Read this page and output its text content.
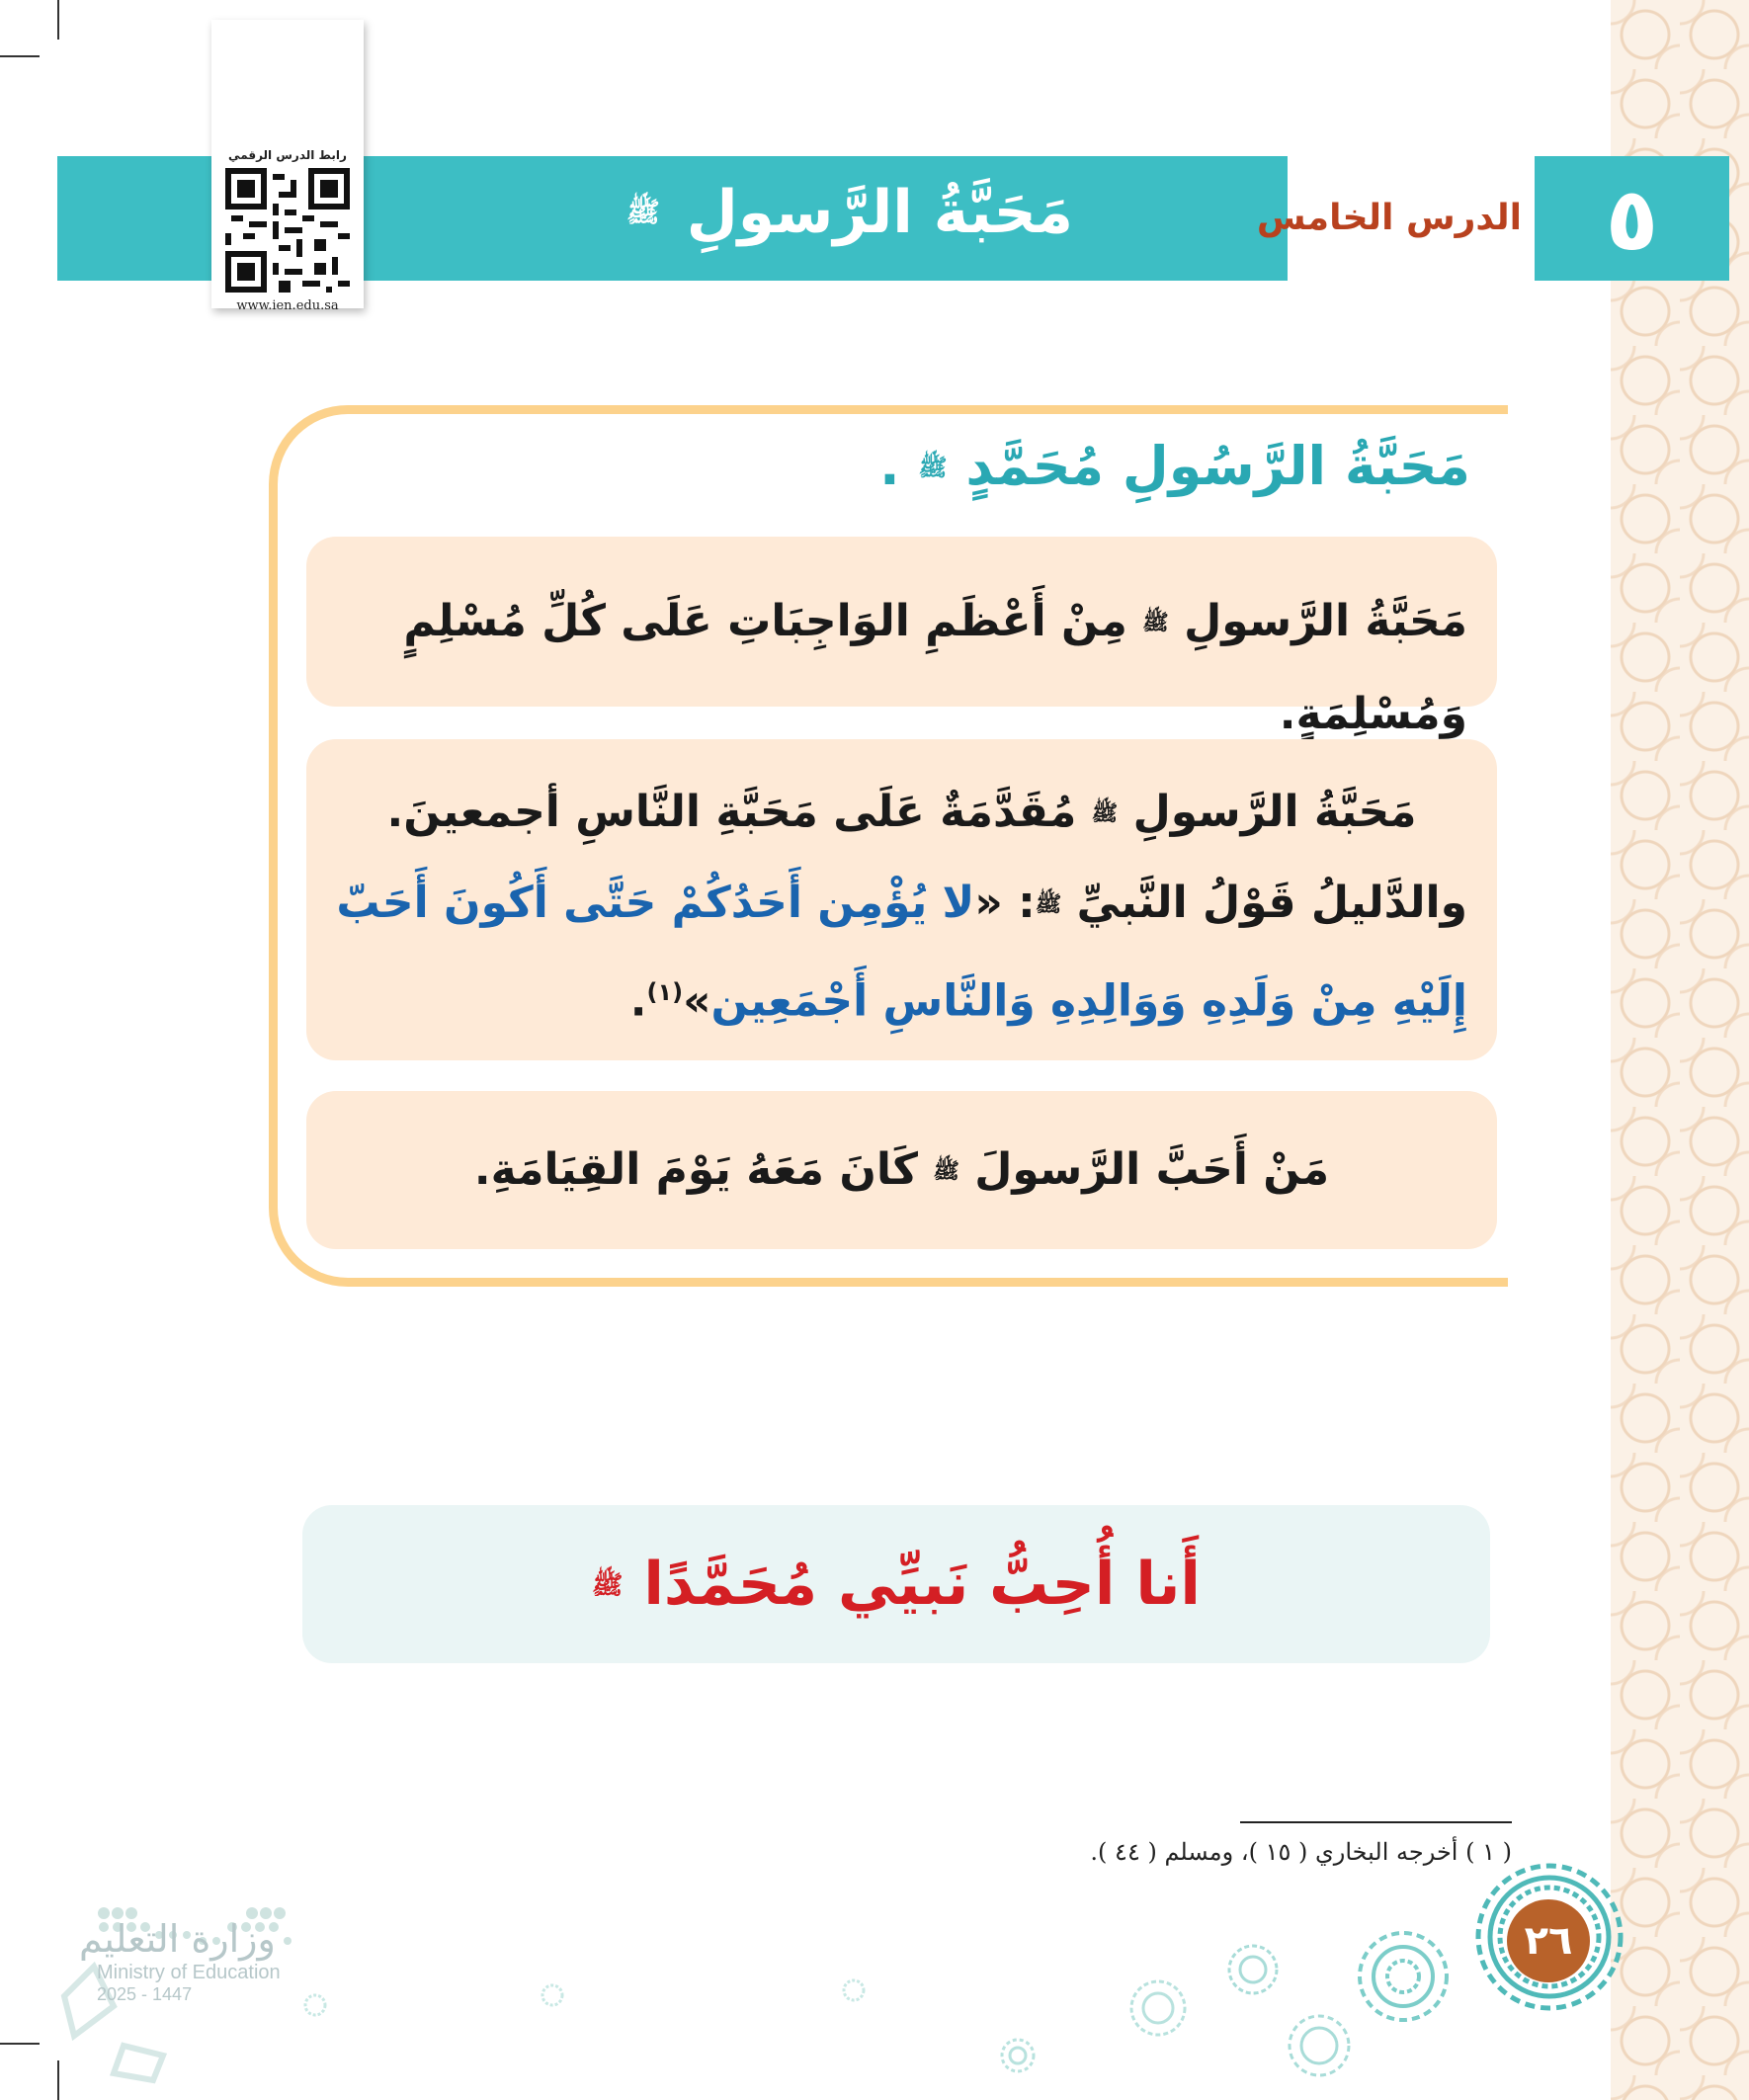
٥
الدرس الخامس
مَحَبَّةُ الرَّسولِ ﷺ
رابط الدرس الرقمي
www.ien.edu.sa
مَحَبَّةُ الرَّسُولِ مُحَمَّدٍ ﷺ .
مَحَبَّةُ الرَّسولِ ﷺ مِنْ أَعْظَمِ الوَاجِبَاتِ عَلَى كُلِّ مُسْلِمٍ وَمُسْلِمَةٍ.
مَحَبَّةُ الرَّسولِ ﷺ مُقَدَّمَةٌ عَلَى مَحَبَّةِ النَّاسِ أجمعينَ.
والدَّليلُ قَوْلُ النَّبيِّ ﷺ: «لا يُؤْمِن أَحَدُكُمْ حَتَّى أَكُونَ أَحَبّ إِلَيْهِ مِنْ وَلَدِهِ وَوَالِدِهِ وَالنَّاسِ أَجْمَعِين»$^{(١)}$.
مَنْ أَحَبَّ الرَّسولَ ﷺ كَانَ مَعَهُ يَوْمَ القِيَامَةِ.
أَنا أُحِبُّ نَبيِّي مُحَمَّدًا ﷺ
( ١ ) أخرجه البخاري ( ١٥ )، ومسلم ( ٤٤ ).
٢٦
وزارة التعليم
Ministry of Education
2025 - 1447
